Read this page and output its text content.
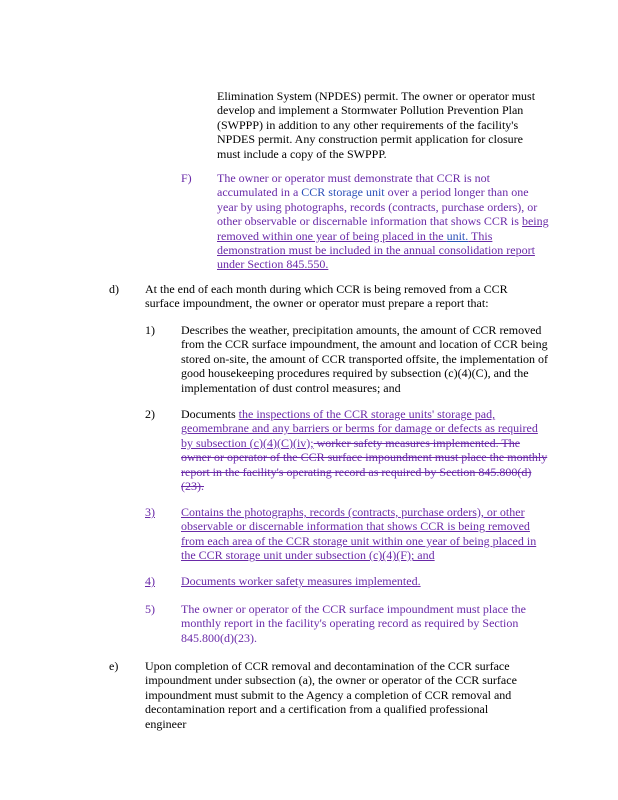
Elimination System (NPDES) permit. The owner or operator must develop and implement a Stormwater Pollution Prevention Plan (SWPPP) in addition to any other requirements of the facility's NPDES permit. Any construction permit application for closure must include a copy of the SWPPP.
F) The owner or operator must demonstrate that CCR is not accumulated in a CCR storage unit over a period longer than one year by using photographs, records (contracts, purchase orders), or other observable or discernable information that shows CCR is being removed within one year of being placed in the unit. This demonstration must be included in the annual consolidation report under Section 845.550.
d) At the end of each month during which CCR is being removed from a CCR surface impoundment, the owner or operator must prepare a report that:
1) Describes the weather, precipitation amounts, the amount of CCR removed from the CCR surface impoundment, the amount and location of CCR being stored on-site, the amount of CCR transported offsite, the implementation of good housekeeping procedures required by subsection (c)(4)(C), and the implementation of dust control measures; and
2) Documents the inspections of the CCR storage units' storage pad, geomembrane and any barriers or berms for damage or defects as required by subsection (c)(4)(C)(iv); worker safety measures implemented. The owner or operator of the CCR surface impoundment must place the monthly report in the facility's operating record as required by Section 845.800(d)(23).
3) Contains the photographs, records (contracts, purchase orders), or other observable or discernable information that shows CCR is being removed from each area of the CCR storage unit within one year of being placed in the CCR storage unit under subsection (c)(4)(F); and
4) Documents worker safety measures implemented.
5) The owner or operator of the CCR surface impoundment must place the monthly report in the facility's operating record as required by Section 845.800(d)(23).
e) Upon completion of CCR removal and decontamination of the CCR surface impoundment under subsection (a), the owner or operator of the CCR surface impoundment must submit to the Agency a completion of CCR removal and decontamination report and a certification from a qualified professional engineer
